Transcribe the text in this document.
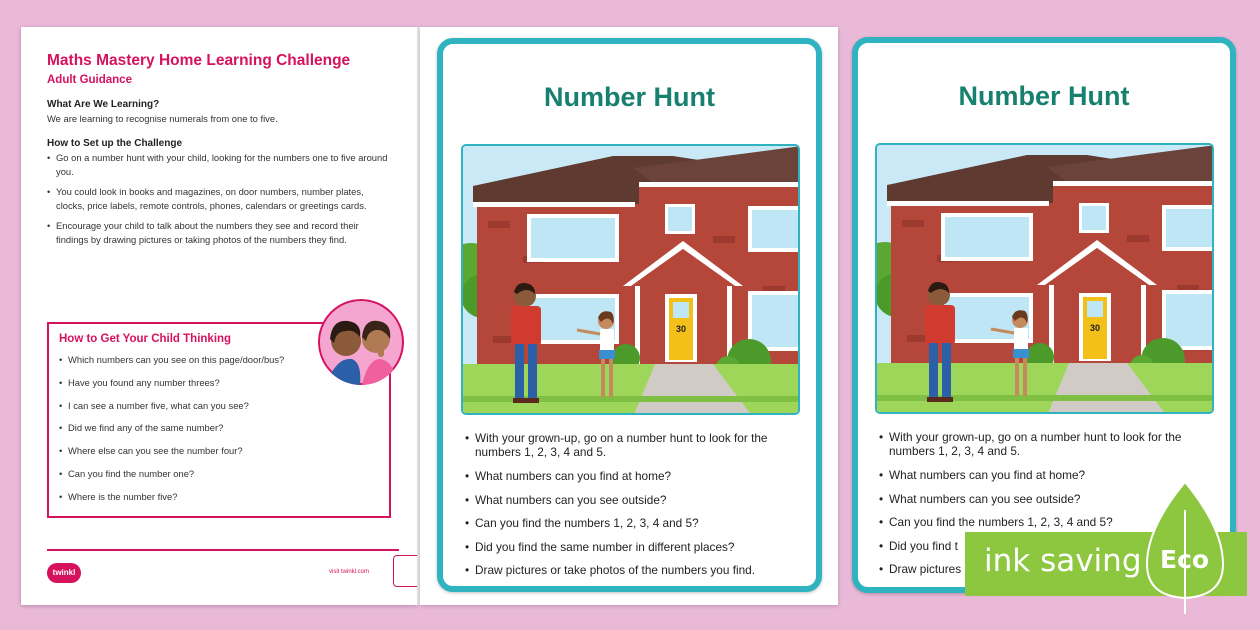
Maths Mastery Home Learning Challenge
Adult Guidance
What Are We Learning?

We are learning to recognise numerals from one to five.

How to Set up the Challenge
• Go on a number hunt with your child, looking for the numbers one to five around you.
• You could look in books and magazines, on door numbers, number plates, clocks, price labels, remote controls, phones, calendars or greetings cards.
• Encourage your child to talk about the numbers they see and record their findings by drawing pictures or taking photos of the numbers they find.
How to Get Your Child Thinking
• Which numbers can you see on this page/door/bus?
• Have you found any number threes?
• I can see a number five, what can you see?
• Did we find any of the same number?
• Where else can you see the number four?
• Can you find the number one?
• Where is the number five?
twinkl	visit twinkl.com
Number Hunt
30
• With your grown-up, go on a number hunt to look for the numbers 1, 2, 3, 4 and 5.
• What numbers can you find at home?
• What numbers can you see outside?
• Can you find the numbers 1, 2, 3, 4 and 5?
• Did you find the same number in different places?
• Draw pictures or take photos of the numbers you find.
Number Hunt
30
• With your grown-up, go on a number hunt to look for the numbers 1, 2, 3, 4 and 5.
• What numbers can you find at home?
• What numbers can you see outside?
• Can you find the numbers 1, 2, 3, 4 and 5?
• Did you find t
• Draw pictures ink saving Eco
